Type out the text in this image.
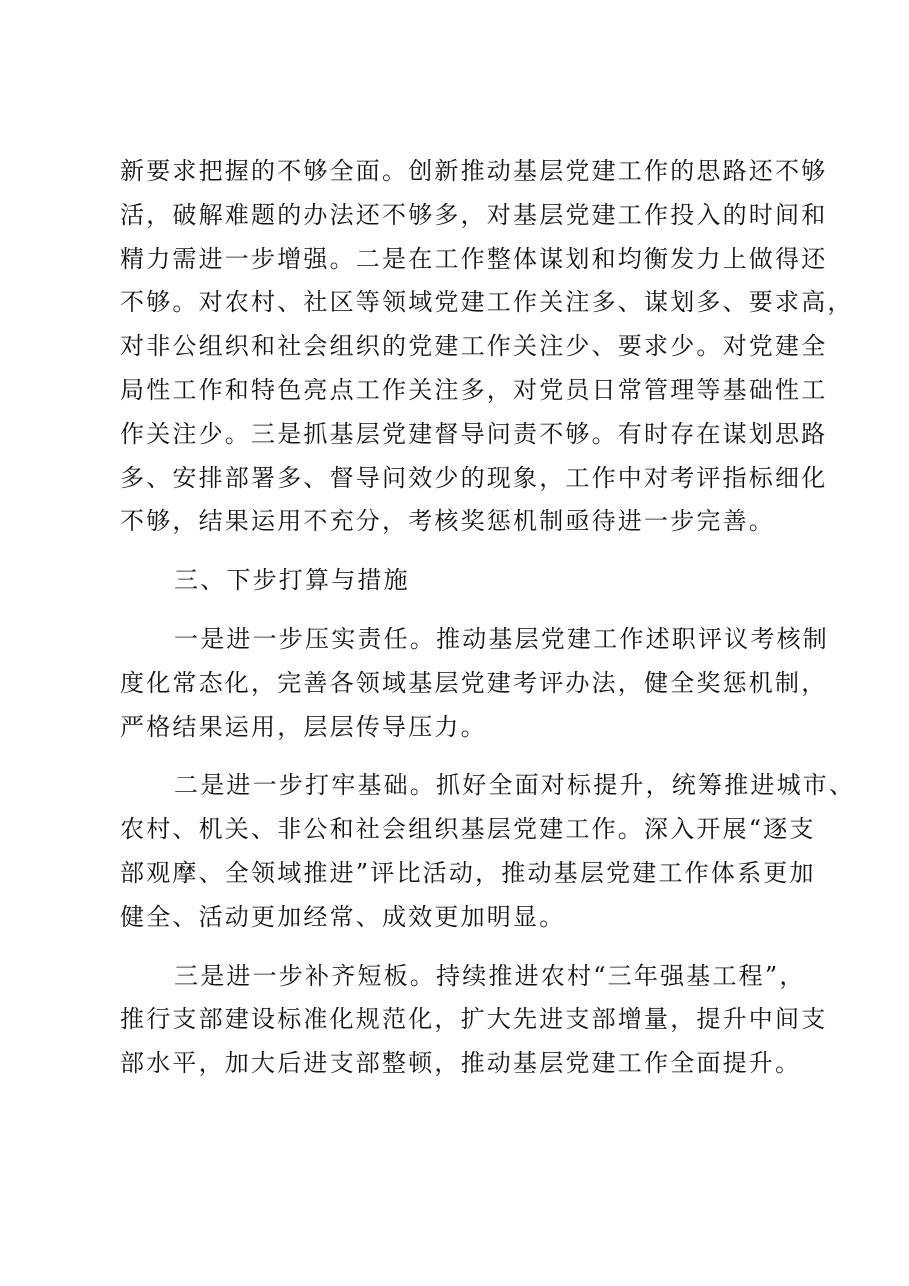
新要求把握的不够全面。创新推动基层党建工作的思路还不够
活，破解难题的办法还不够多，对基层党建工作投入的时间和
精力需进一步增强。二是在工作整体谋划和均衡发力上做得还
不够。对农村、社区等领域党建工作关注多、谋划多、要求高，
对非公组织和社会组织的党建工作关注少、要求少。对党建全
局性工作和特色亮点工作关注多，对党员日常管理等基础性工
作关注少。三是抓基层党建督导问责不够。有时存在谋划思路
多、安排部署多、督导问效少的现象，工作中对考评指标细化
不够，结果运用不充分，考核奖惩机制亟待进一步完善。
三、下步打算与措施
一是进一步压实责任。推动基层党建工作述职评议考核制
度化常态化，完善各领域基层党建考评办法，健全奖惩机制，
严格结果运用，层层传导压力。
二是进一步打牢基础。抓好全面对标提升，统筹推进城市、
农村、机关、非公和社会组织基层党建工作。深入开展“逐支
部观摩、全领域推进”评比活动，推动基层党建工作体系更加
健全、活动更加经常、成效更加明显。
三是进一步补齐短板。持续推进农村“三年强基工程”，
推行支部建设标准化规范化，扩大先进支部增量，提升中间支
部水平，加大后进支部整顿，推动基层党建工作全面提升。
